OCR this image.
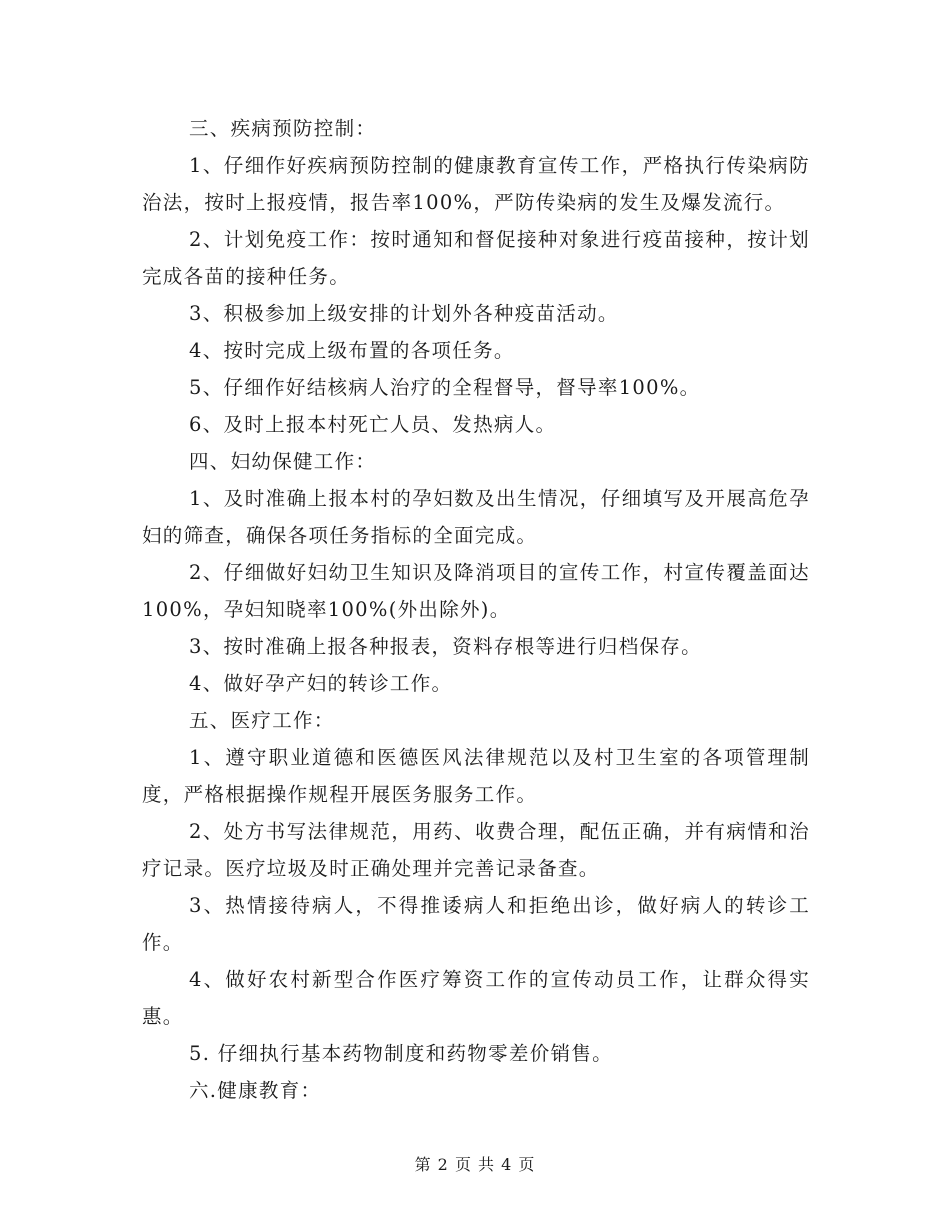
三、疾病预防控制：

1、仔细作好疾病预防控制的健康教育宣传工作，严格执行传染病防治法，按时上报疫情，报告率100%，严防传染病的发生及爆发流行。

2、计划免疫工作：按时通知和督促接种对象进行疫苗接种，按计划完成各苗的接种任务。

3、积极参加上级安排的计划外各种疫苗活动。

4、按时完成上级布置的各项任务。

5、仔细作好结核病人治疗的全程督导，督导率100%。

6、及时上报本村死亡人员、发热病人。

四、妇幼保健工作：

1、及时准确上报本村的孕妇数及出生情况，仔细填写及开展高危孕妇的筛查，确保各项任务指标的全面完成。

2、仔细做好妇幼卫生知识及降消项目的宣传工作，村宣传覆盖面达100%，孕妇知晓率100%(外出除外)。

3、按时准确上报各种报表，资料存根等进行归档保存。

4、做好孕产妇的转诊工作。

五、医疗工作：

1、遵守职业道德和医德医风法律规范以及村卫生室的各项管理制度，严格根据操作规程开展医务服务工作。

2、处方书写法律规范，用药、收费合理，配伍正确，并有病情和治疗记录。医疗垃圾及时正确处理并完善记录备查。

3、热情接待病人，不得推诿病人和拒绝出诊，做好病人的转诊工作。

4、做好农村新型合作医疗筹资工作的宣传动员工作，让群众得实惠。

5. 仔细执行基本药物制度和药物零差价销售。

六.健康教育：

第 2 页 共 4 页
